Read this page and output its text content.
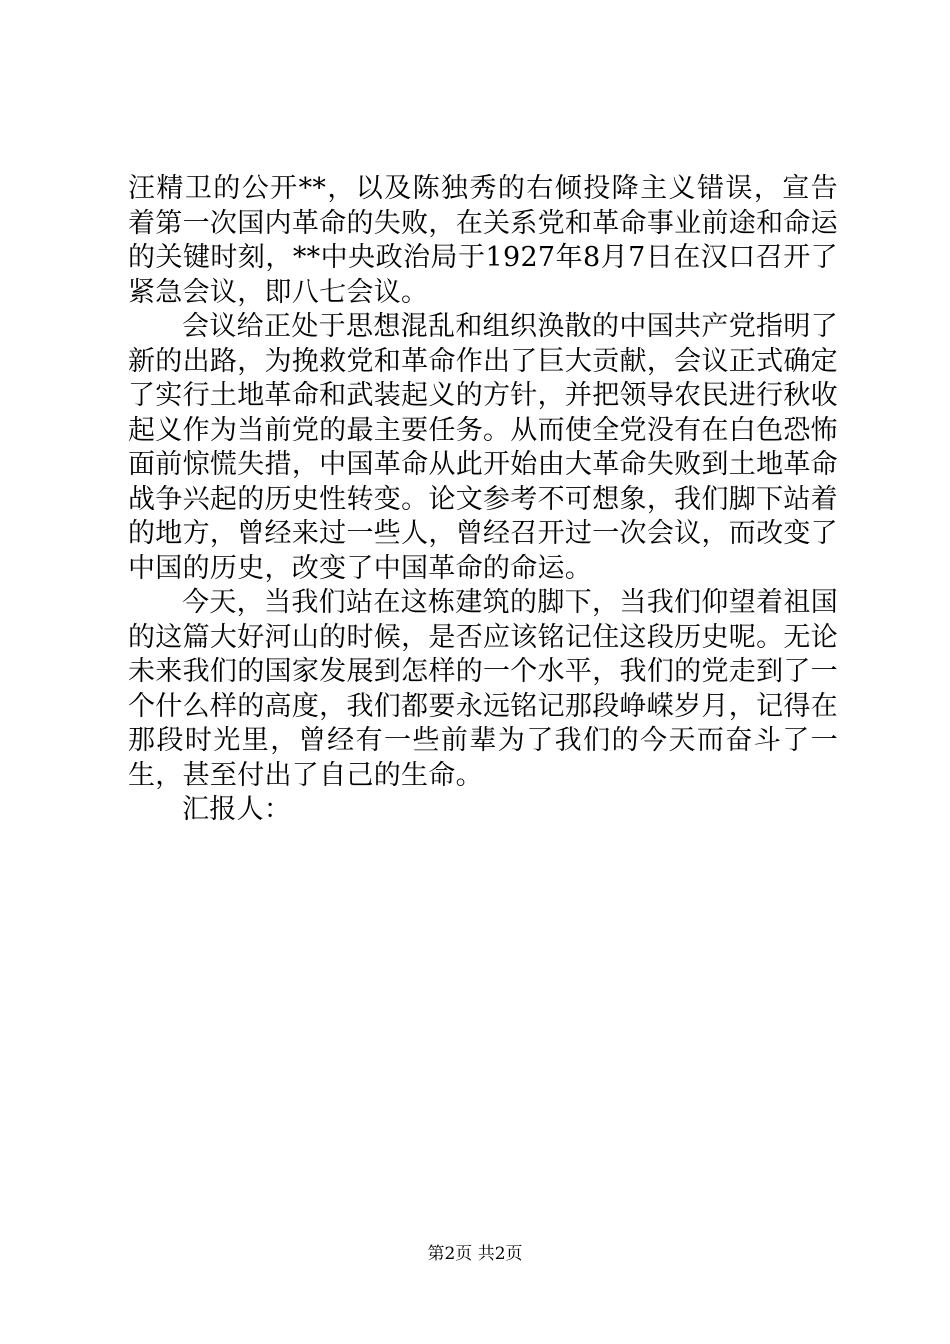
汪精卫的公开**，以及陈独秀的右倾投降主义错误，宣告着第一次国内革命的失败，在关系党和革命事业前途和命运的关键时刻，**中央政治局于1927年8月7日在汉口召开了紧急会议，即八七会议。

会议给正处于思想混乱和组织涣散的中国共产党指明了新的出路，为挽救党和革命作出了巨大贡献，会议正式确定了实行土地革命和武装起义的方针，并把领导农民进行秋收起义作为当前党的最主要任务。从而使全党没有在白色恐怖面前惊慌失措，中国革命从此开始由大革命失败到土地革命战争兴起的历史性转变。论文参考不可想象，我们脚下站着的地方，曾经来过一些人，曾经召开过一次会议，而改变了中国的历史，改变了中国革命的命运。

今天，当我们站在这栋建筑的脚下，当我们仰望着祖国的这篇大好河山的时候，是否应该铭记住这段历史呢。无论未来我们的国家发展到怎样的一个水平，我们的党走到了一个什么样的高度，我们都要永远铭记那段峥嵘岁月，记得在那段时光里，曾经有一些前辈为了我们的今天而奋斗了一生，甚至付出了自己的生命。

汇报人：

第2页 共2页
